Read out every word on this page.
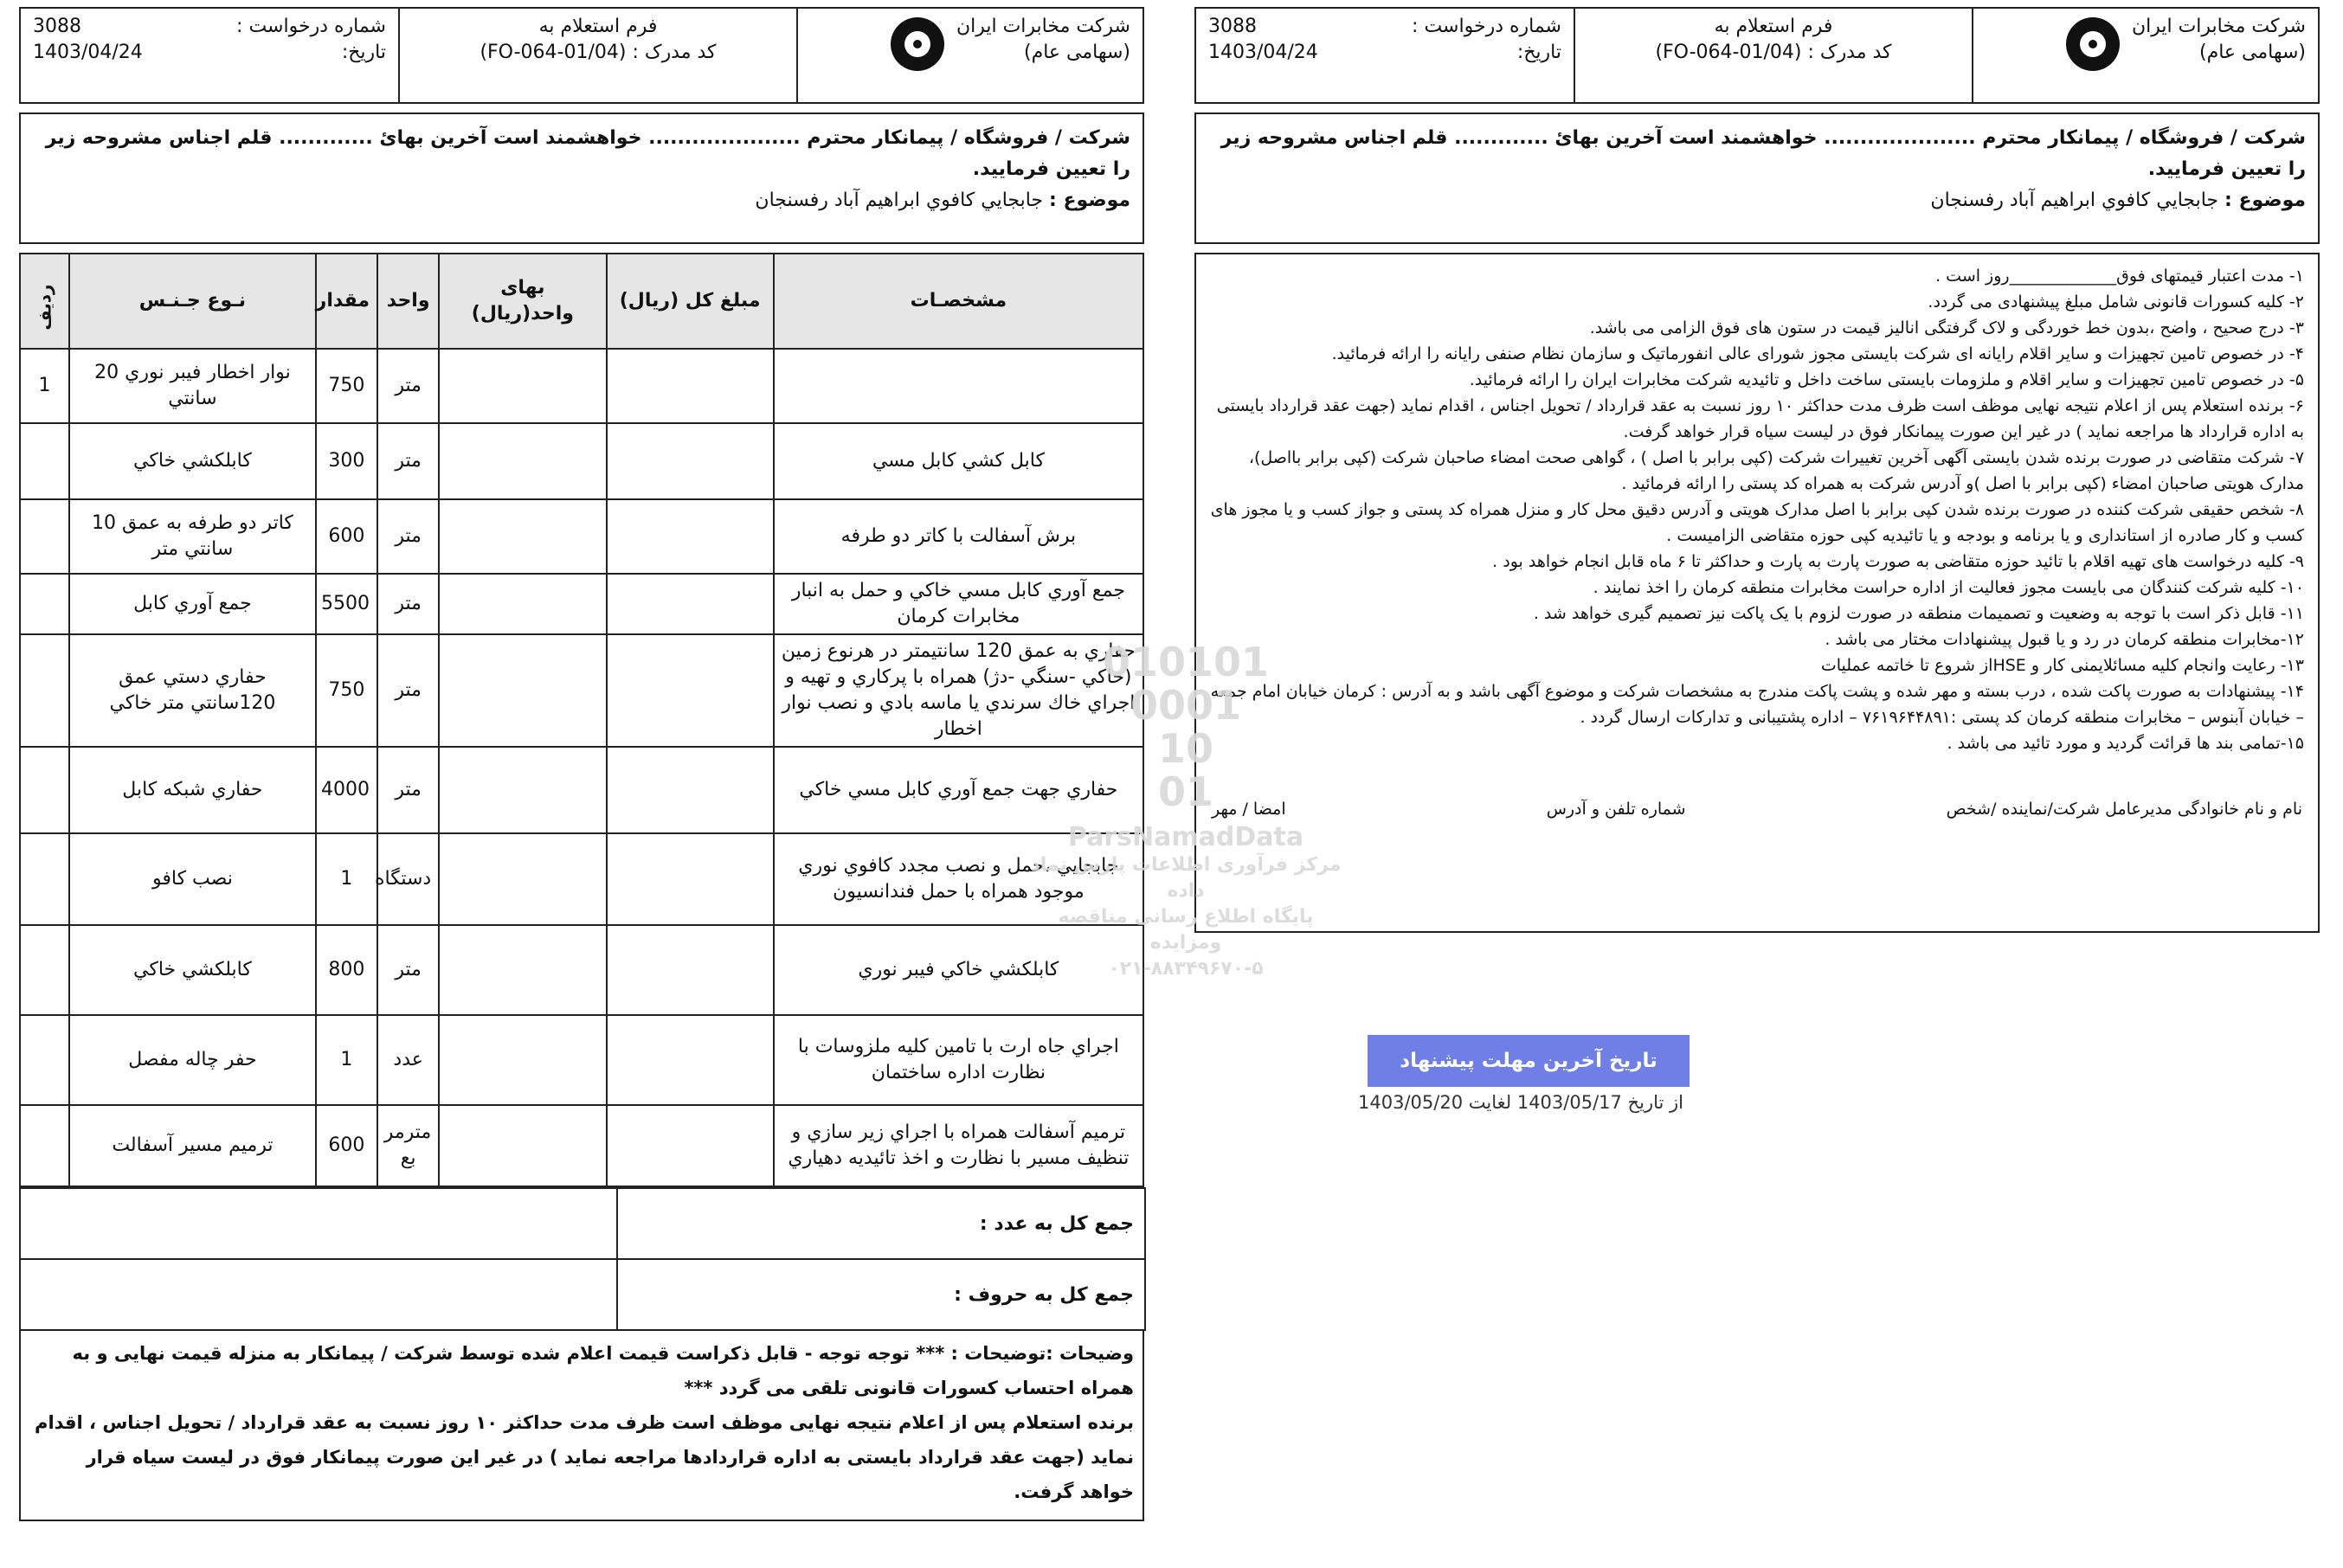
شرکت مخابرات ایران
(سهامی عام)
فرم استعلام به
کد مدرک : (FO-064-01/04)
شماره درخواست :
3088
تاریخ:
1403/04/24
شرکت / فروشگاه / پیمانکار محترم ..................... خواهشمند است آخرین بهایٔ ............. قلم اجناس مشروحه زیر را تعیین فرمایید.
موضوع : جابجايي كافوي ابراهيم آباد رفسنجان
مشخصـات	مبلغ كل (ریال)	بهای واحد(ریال)	واحد	مقدار	نـوع جـنـس	ردیف

			متر	750	نوار اخطار فيبر نوري 20 سانتي	1
كابل كشي كابل مسي			متر	300	كابلكشي خاكي	
برش آسفالت با كاتر دو طرفه			متر	600	كاتر دو طرفه به عمق 10 سانتي متر	
جمع آوري كابل مسي خاكي و حمل به انبار مخابرات كرمان			متر	5500	جمع آوري كابل	
حفاري به عمق 120 سانتيمتر در هرنوع زمين (خاكي -سنگي -دژ) همراه با پركاري و تهيه و اجراي خاك سرندي يا ماسه بادي و نصب نوار اخطار			متر	750	حفاري دستي عمق 120سانتي متر خاكي	
حفاري جهت جمع آوري كابل مسي خاكي			متر	4000	حفاري شبكه كابل	
جابجايي ،حمل و نصب مجدد كافوي نوري موجود همراه با حمل فندانسيون			دستگاه	1	نصب كافو	
كابلكشي خاكي فيبر نوري			متر	800	كابلكشي خاكي	
اجراي جاه ارت با تامين كليه ملزوسات با نظارت اداره ساختمان			عدد	1	حفر چاله مفصل	
ترميم آسفالت همراه با اجراي زير سازي و تنظيف مسير با نظارت و اخذ تائيديه دهياري			مترمر بع	600	ترميم مسير آسفالت	
جمع کل به عدد :	
جمع کل به حروف :	
وضیحات :توضیحات : *** توجه توجه - قابل ذکراست قیمت اعلام شده توسط شرکت / پیمانکار به منزله قیمت نهایی و به همراه احتساب کسورات قانونی تلقی می گردد ***
برنده استعلام پس از اعلام نتیجه نهایی موظف است ظرف مدت حداکثر ۱۰ روز نسبت به عقد قرارداد / تحویل اجناس ، اقدام نماید (جهت عقد قرارداد بایستی به اداره قراردادها مراجعه نماید ) در غیر این صورت پیمانکار فوق در لیست سیاه قرار خواهد گرفت.
شرکت مخابرات ایران
(سهامی عام)
فرم استعلام به
کد مدرک : (FO-064-01/04)
شماره درخواست :
3088
تاریخ:
1403/04/24
شرکت / فروشگاه / پیمانکار محترم ..................... خواهشمند است آخرین بهایٔ ............. قلم اجناس مشروحه زیر را تعیین فرمایید.
موضوع : جابجايي كافوي ابراهيم آباد رفسنجان
۱- مدت اعتبار قیمتهای فوق_____________روز است .
۲- کلیه کسورات قانونی شامل مبلغ پیشنهادی می گردد.
۳- درج صحیح ، واضح ،بدون خط خوردگی و لاک گرفتگی انالیز قیمت در ستون های فوق الزامی می باشد.
۴- در خصوص تامین تجهیزات و سایر اقلام رایانه ای شرکت بایستی مجوز شورای عالی انفورماتیک و سازمان نظام صنفی رایانه را ارائه فرمائید.
۵- در خصوص تامین تجهیزات و سایر اقلام و ملزومات بایستی ساخت داخل و تائیدیه شرکت مخابرات ایران را ارائه فرمائید.
۶- برنده استعلام پس از اعلام نتیجه نهایی موظف است ظرف مدت حداکثر ۱۰ روز نسبت به عقد قرارداد / تحویل اجناس ، اقدام نماید (جهت عقد قرارداد بایستی به اداره قرارداد ها مراجعه نماید ) در غیر این صورت پیمانکار فوق در لیست سیاه قرار خواهد گرفت.
۷- شرکت متقاضی در صورت برنده شدن بایستی آگهی آخرین تغییرات شرکت (کپی برابر با اصل ) ، گواهی صحت امضاء صاحبان شرکت (کپی برابر بااصل)، مدارک هویتی صاحبان امضاء (کپی برابر با اصل )و آدرس شرکت به همراه کد پستی را ارائه فرمائید .
۸- شخص حقیقی شرکت کننده در صورت برنده شدن کپی برابر با اصل مدارک هویتی و آدرس دقیق محل کار و منزل همراه کد پستی و جواز کسب و یا مجوز های کسب و کار صادره از استانداری و یا برنامه و بودجه و یا تائیدیه کپی حوزه متقاضی الزامیست .
۹- کلیه درخواست های تهیه اقلام با تائید حوزه متقاضی به صورت پارت به پارت و حداکثر تا ۶ ماه قابل انجام خواهد بود .
۱۰- کلیه شرکت کنندگان می بایست مجوز فعالیت از اداره حراست مخابرات منطقه کرمان را اخذ نمایند .
۱۱- قابل ذکر است با توجه به وضعیت و تصمیمات منطقه در صورت لزوم با یک پاکت نیز تصمیم گیری خواهد شد .
۱۲-مخابرات منطقه کرمان در رد و یا قبول پیشنهادات مختار می باشد .
۱۳- رعایت وانجام کلیه مسائلایمنی کار و HSEاز شروع تا خاتمه عملیات
۱۴- پیشنهادات به صورت پاکت شده ، درب بسته و مهر شده و پشت پاکت مندرج به مشخصات شرکت و موضوع آگهی باشد و به آدرس : کرمان خیابان امام جمعه – خیابان آبنوس – مخابرات منطقه کرمان کد پستی :۷۶۱۹۶۴۴۸۹۱ – اداره پشتیبانی و تدارکات ارسال گردد .
۱۵-تمامی بند ها قرائت گردید و مورد تائید می باشد .
نام و نام خانوادگی مدیرعامل شرکت/نماینده /شخص
شماره تلفن و آدرس
امضا / مهر
010101
0001
10
01
ParsNamadData
مرکز فرآوری اطلاعات پارس نماد داده
پایگاه اطلاع رسانی مناقصه ومزایده
۰۲۱-۸۸۳۴۹۶۷۰-۵
تاریخ آخرین مهلت پیشنهاد
از تاریخ 1403/05/17 لغایت 1403/05/20
